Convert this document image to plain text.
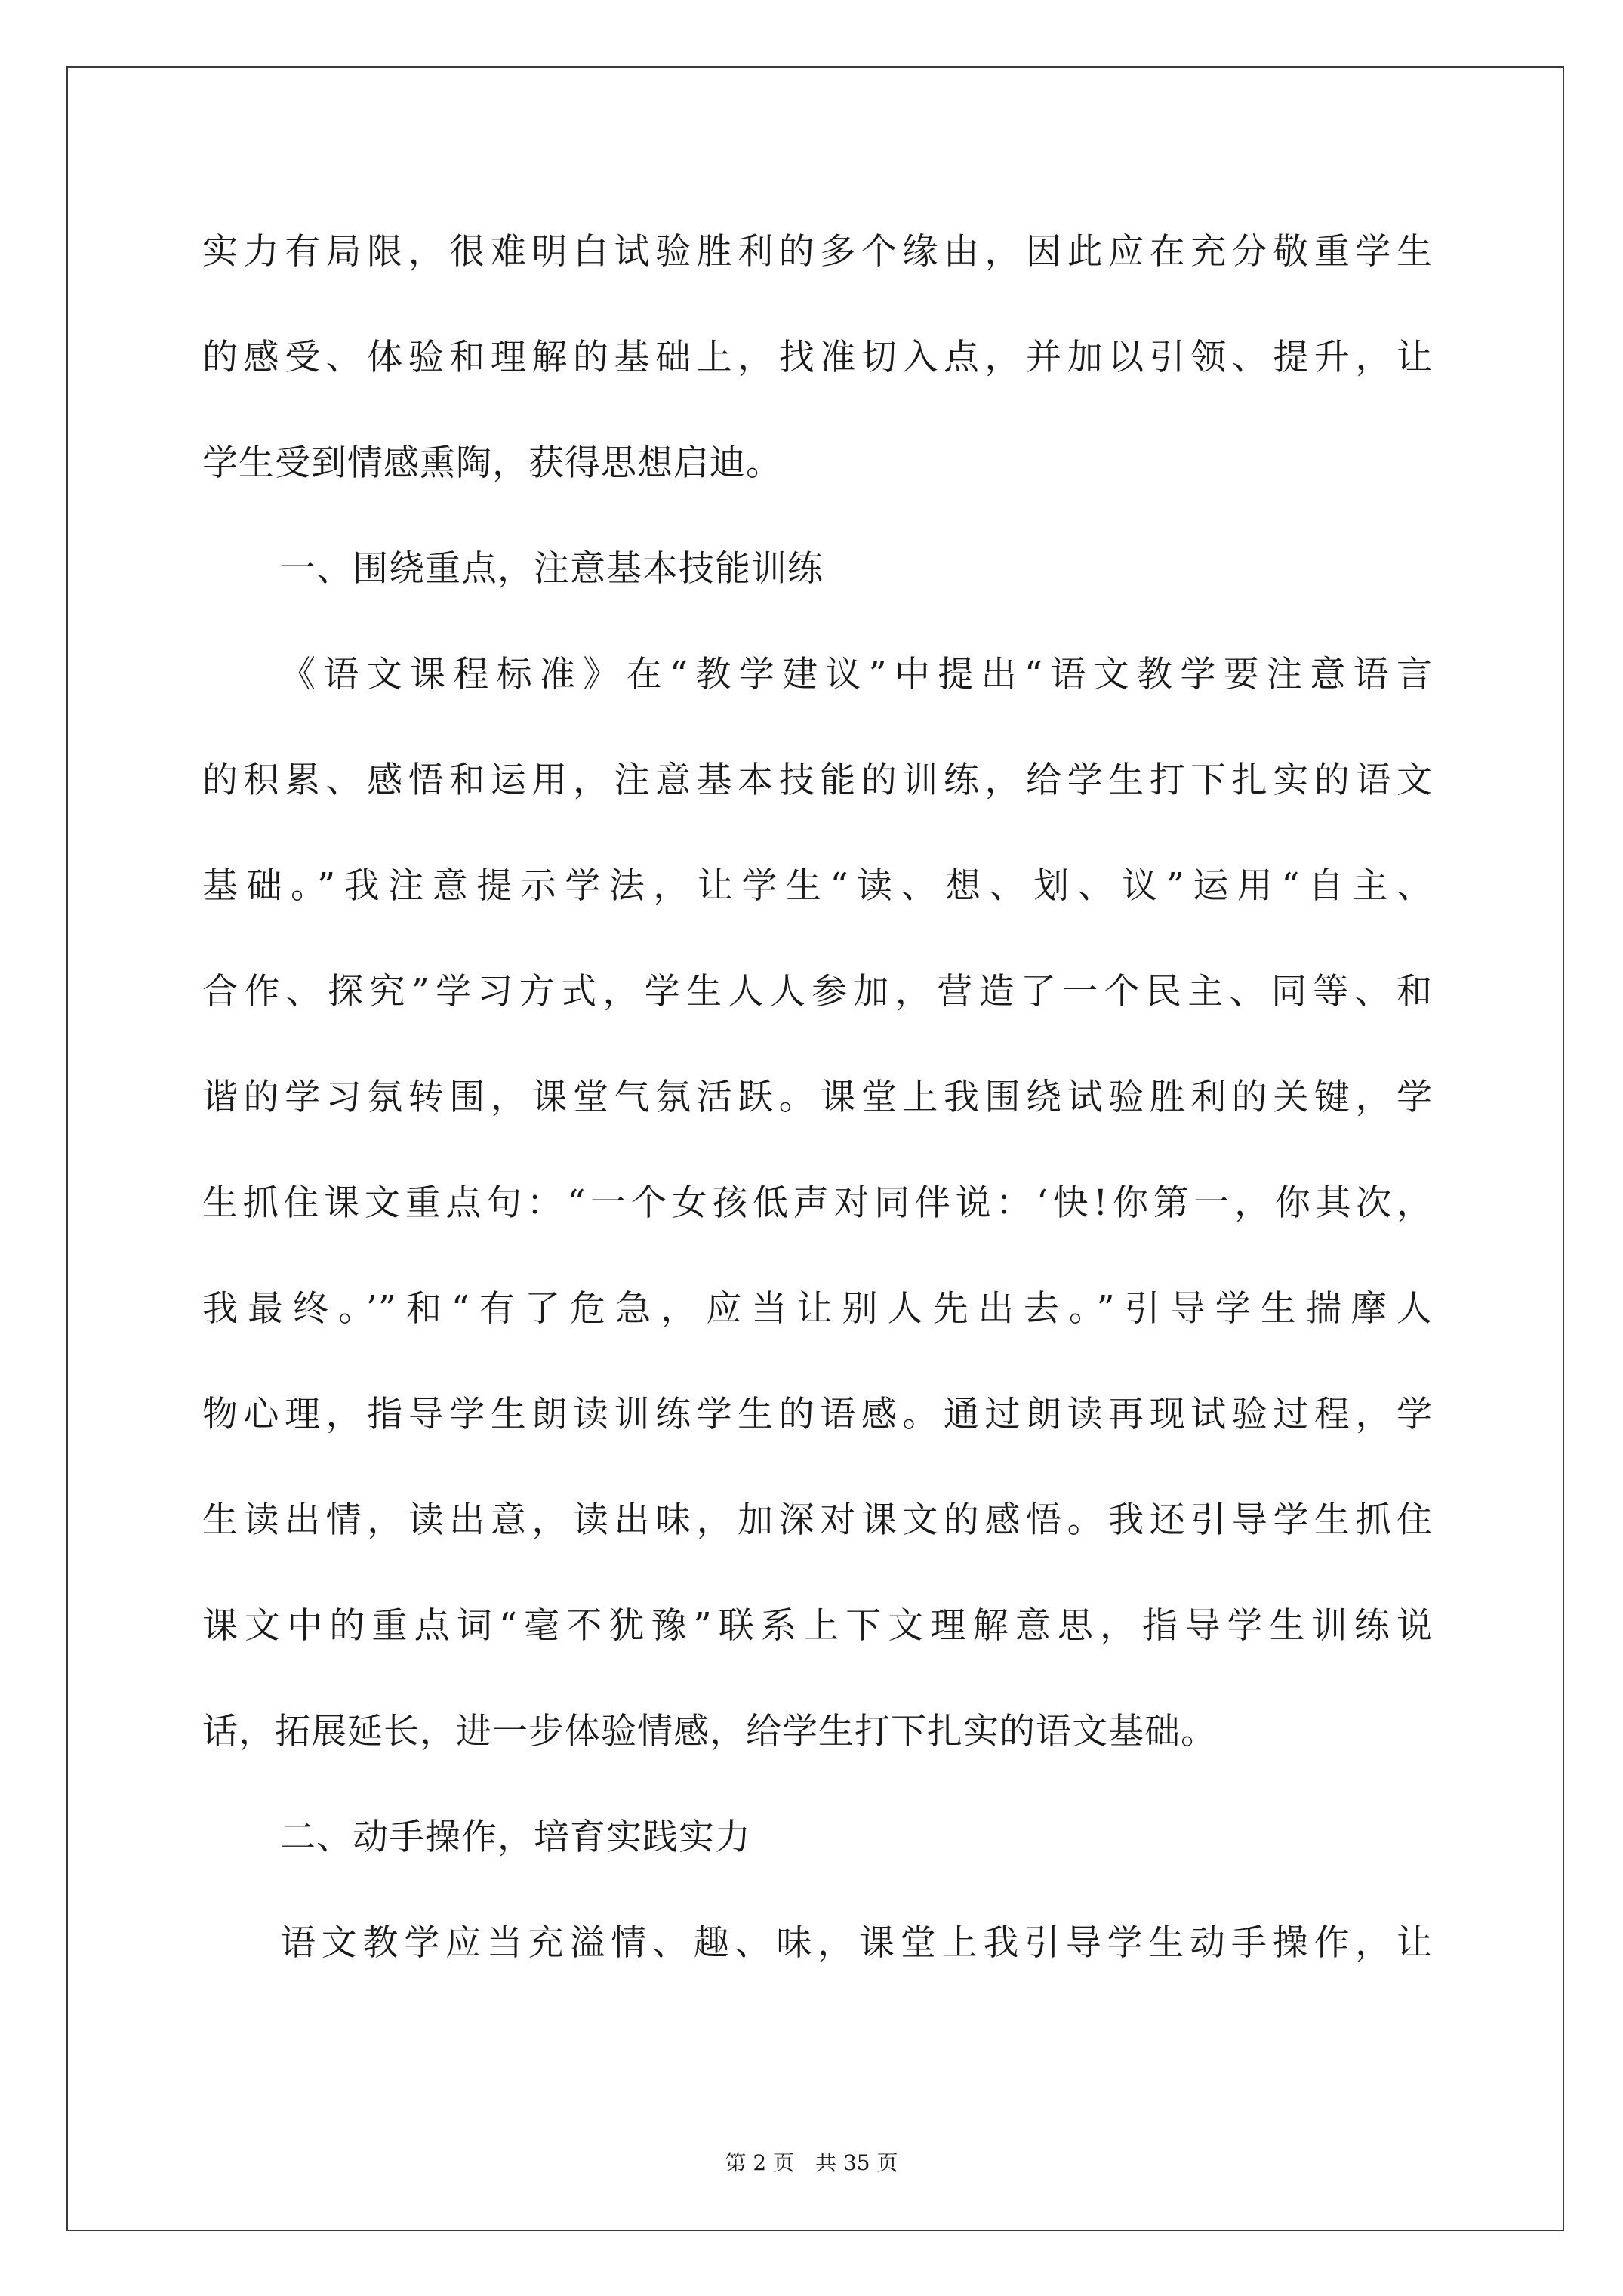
实力有局限，很难明白试验胜利的多个缘由，因此应在充分敬重学生
的感受、体验和理解的基础上，找准切入点，并加以引领、提升，让
学生受到情感熏陶，获得思想启迪。
一、围绕重点，注意基本技能训练
《语文课程标准》在“教学建议”中提出“语文教学要注意语言
的积累、感悟和运用，注意基本技能的训练，给学生打下扎实的语文
基础。”我注意提示学法，让学生“读、想、划、议”运用“自主、
合作、探究”学习方式，学生人人参加，营造了一个民主、同等、和
谐的学习氛转围，课堂气氛活跃。课堂上我围绕试验胜利的关键，学
生抓住课文重点句：“一个女孩低声对同伴说：‘快!你第一，你其次，
我最终。’”和“有了危急，应当让别人先出去。”引导学生揣摩人
物心理，指导学生朗读训练学生的语感。通过朗读再现试验过程，学
生读出情，读出意，读出味，加深对课文的感悟。我还引导学生抓住
课文中的重点词“毫不犹豫”联系上下文理解意思，指导学生训练说
话，拓展延长，进一步体验情感，给学生打下扎实的语文基础。
二、动手操作，培育实践实力
语文教学应当充溢情、趣、味，课堂上我引导学生动手操作，让
第 2 页　共 35 页
